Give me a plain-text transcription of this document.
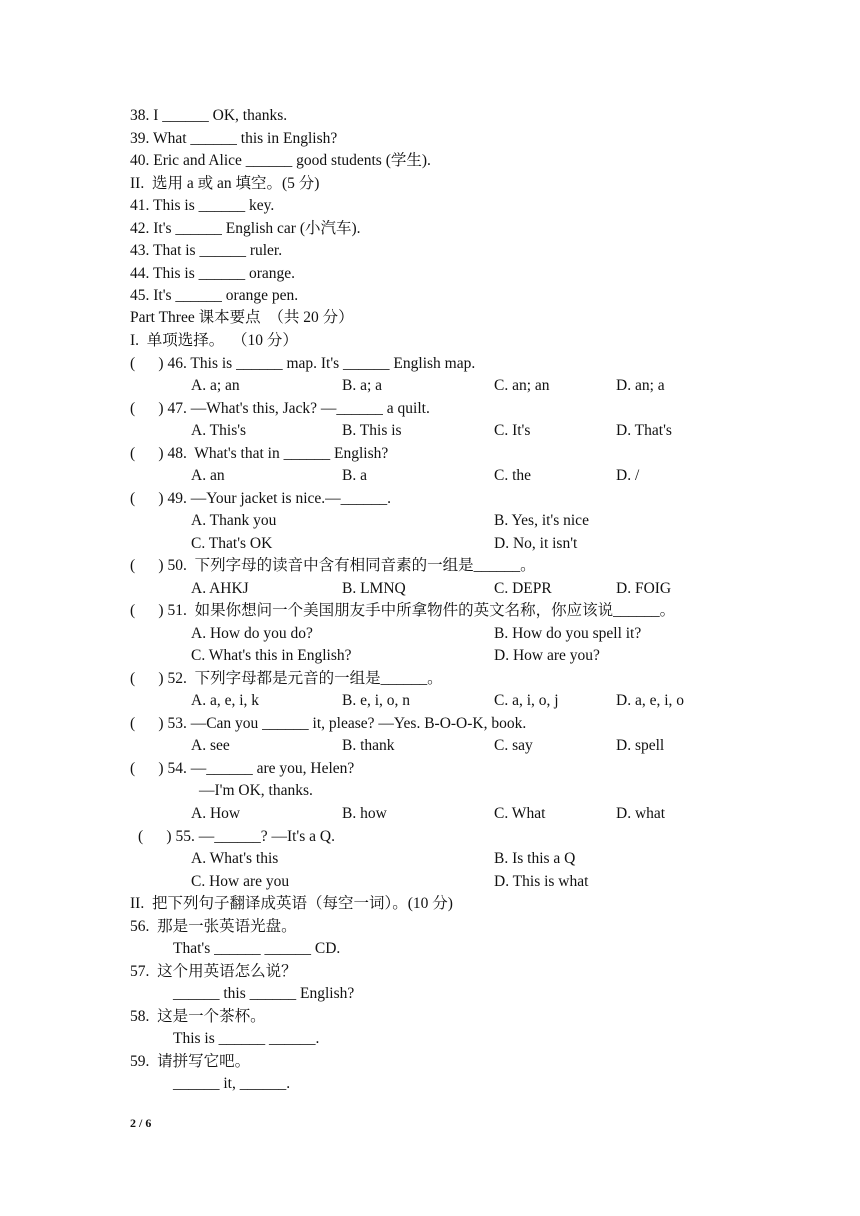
38. I ______ OK, thanks.
39. What ______ this in English?
40. Eric and Alice ______ good students (学生).
II.  选用 a 或 an 填空。(5 分)
41. This is ______ key.
42. It's ______ English car (小汽车).
43. That is ______ ruler.
44. This is ______ orange.
45. It's ______ orange pen.
Part Three 课本要点  （共 20 分）
I.  单项选择。  （10 分）
(      ) 46. This is ______ map. It's ______ English map.
A. a; an	B. a; a	C. an; an	D. an; a
(      ) 47. —What's this, Jack? —______ a quilt.
A. This's	B. This is	C. It's	D. That's
(      ) 48.  What's that in ______ English?
A. an	B. a	C. the	D. /
(      ) 49. —Your jacket is nice.—______.
A. Thank you	B. Yes, it's nice
C. That's OK	D. No, it isn't
(      ) 50.  下列字母的读音中含有相同音素的一组是______。
A. AHKJ	B. LMNQ	C. DEPR	D. FOIG
(      ) 51.  如果你想问一个美国朋友手中所拿物件的英文名称，你应该说______。
A. How do you do?	B. How do you spell it?
C. What's this in English?	D. How are you?
(      ) 52.  下列字母都是元音的一组是______。
A. a, e, i, k	B. e, i, o, n	C. a, i, o, j	D. a, e, i, o
(      ) 53. —Can you ______ it, please? —Yes. B-O-O-K, book.
A. see	B. thank	C. say	D. spell
(      ) 54. —______ are you, Helen?
—I'm OK, thanks.
A. How	B. how	C. What	D. what
(      ) 55. —______? —It's a Q.
A. What's this	B. Is this a Q
C. How are you	D. This is what
II.  把下列句子翻译成英语（每空一词）。(10 分)
56.  那是一张英语光盘。
That's ______ ______ CD.
57.  这个用英语怎么说？
______ this ______ English?
58.  这是一个茶杯。
This is ______ ______.
59.  请拼写它吧。
______ it, ______.
2 / 6
